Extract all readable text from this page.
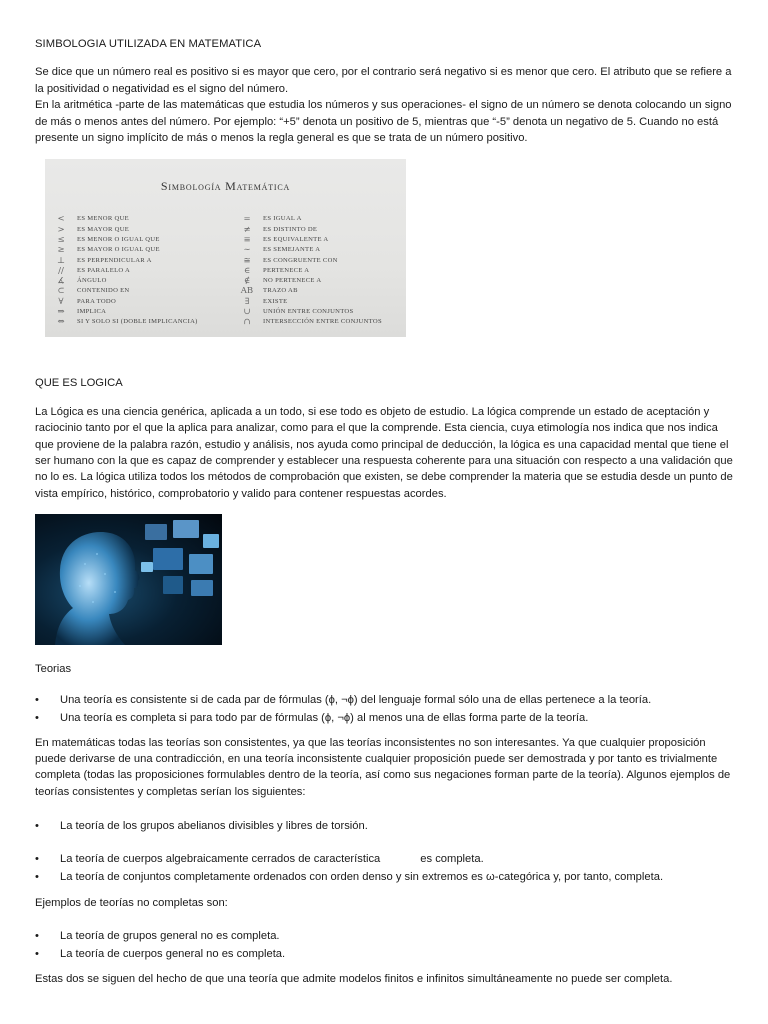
SIMBOLOGIA UTILIZADA EN MATEMATICA

Se dice que un número real es positivo si es mayor que cero, por el contrario será negativo si es menor que cero. El atributo que se refiere a la positividad o negatividad es el signo del número.

En la aritmética -parte de las matemáticas que estudia los números y sus operaciones- el signo de un número se denota colocando un signo de más o menos antes del número. Por ejemplo: “+5” denota un positivo de 5, mientras que “-5” denota un negativo de 5. Cuando no está presente un signo implícito de más o menos la regla general es que se trata de un número positivo.

Simbología Matemática
<	ES MENOR QUE
>	ES MAYOR QUE
≤	ES MENOR O IGUAL QUE
≥	ES MAYOR O IGUAL QUE
⊥	ES PERPENDICULAR A
//	ES PARALELO A
∡	ÁNGULO
⊂	CONTENIDO EN
∀	PARA TODO
⇒	IMPLICA
⇔	SI Y SOLO SI (DOBLE IMPLICANCIA)
=	ES IGUAL A
≠	ES DISTINTO DE
≡	ES EQUIVALENTE A
∼	ES SEMEJANTE A
≅	ES CONGRUENTE CON
∈	PERTENECE A
∉	NO PERTENECE A
AB	TRAZO AB
∃	EXISTE
∪	UNIÓN ENTRE CONJUNTOS
∩	INTERSECCIÓN ENTRE CONJUNTOS

QUE ES LOGICA

La Lógica es una ciencia genérica, aplicada a un todo, si ese todo es objeto de estudio. La lógica comprende un estado de aceptación y raciocinio tanto por el que la aplica para analizar, como para el que la comprende. Esta ciencia, cuya etimología nos indica que nos indica que proviene de la palabra razón, estudio y análisis, nos ayuda como principal de deducción, la lógica es una capacidad mental que tiene el ser humano con la que es capaz de comprender y establecer una respuesta coherente para una situación con respecto a una validación que no lo es. La lógica utiliza todos los métodos de comprobación que existen, se debe comprender la materia que se estudia desde un punto de vista empírico, histórico, comprobatorio y valido para contener respuestas acordes.

Teorias

• Una teoría es consistente si de cada par de fórmulas (ϕ, ¬ϕ) del lenguaje formal sólo una de ellas pertenece a la teoría.
• Una teoría es completa si para todo par de fórmulas (ϕ, ¬ϕ) al menos una de ellas forma parte de la teoría.

En matemáticas todas las teorías son consistentes, ya que las teorías inconsistentes no son interesantes. Ya que cualquier proposición puede derivarse de una contradicción, en una teoría inconsistente cualquier proposición puede ser demostrada y por tanto es trivialmente completa (todas las proposiciones formulables dentro de la teoría, así como sus negaciones forman parte de la teoría). Algunos ejemplos de teorías consistentes y completas serían los siguientes:

• La teoría de los grupos abelianos divisibles y libres de torsión.
• La teoría de cuerpos algebraicamente cerrados de característica	es completa.
• La teoría de conjuntos completamente ordenados con orden denso y sin extremos es ω-categórica y, por tanto, completa.

Ejemplos de teorías no completas son:

• La teoría de grupos general no es completa.
• La teoría de cuerpos general no es completa.

Estas dos se siguen del hecho de que una teoría que admite modelos finitos e infinitos simultáneamente no puede ser completa.
